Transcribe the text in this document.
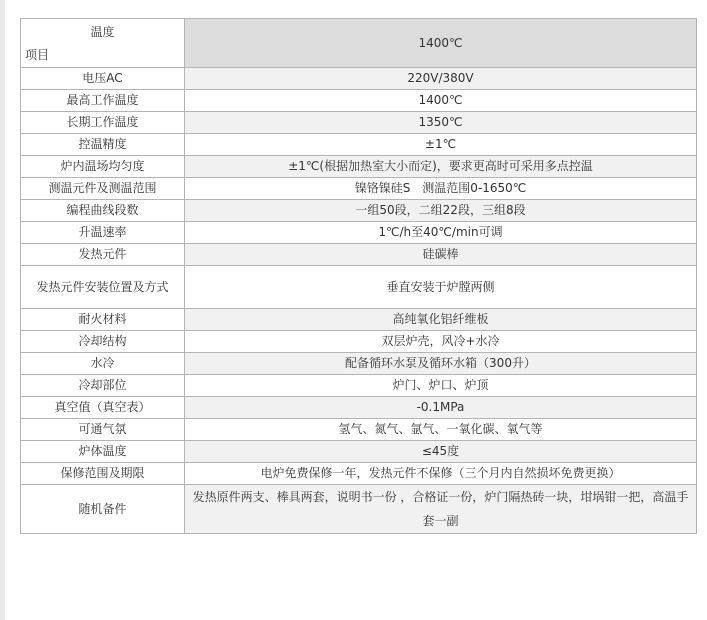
温度
项目	1400℃
电压AC	220V/380V
最高工作温度	1400℃
长期工作温度	1350℃
控温精度	±1℃
炉内温场均匀度	±1℃(根据加热室大小而定)，要求更高时可采用多点控温
测温元件及测温范围	镍铬镍硅S　测温范围0-1650℃
编程曲线段数	一组50段，二组22段，三组8段
升温速率	1℃/h至40℃/min可调
发热元件	硅碳棒
发热元件安装位置及方式	垂直安装于炉膛两侧
耐火材料	高纯氧化铝纤维板
冷却结构	双层炉壳，风冷+水冷
水冷	配备循环水泵及循环水箱（300升）
冷却部位	炉门、炉口、炉顶
真空值（真空表）	-0.1MPa
可通气氛	氢气、氮气、氩气、一氧化碳、氧气等
炉体温度	≤45度
保修范围及期限	电炉免费保修一年，发热元件不保修（三个月内自然损坏免费更换）
随机备件	发热原件两支、棒具两套，说明书一份 ，合格证一份，炉门隔热砖一块，坩埚钳一把，高温手套一副
